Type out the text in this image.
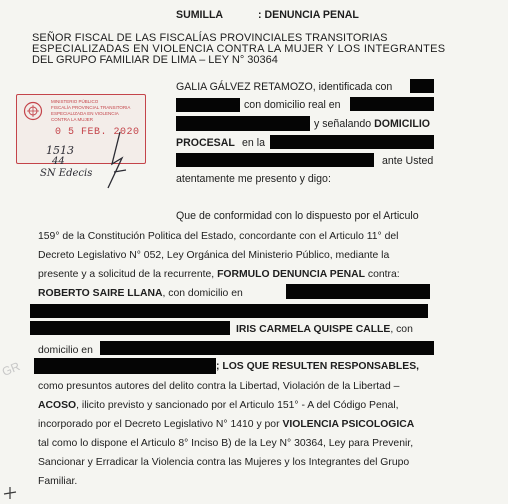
SUMILLA	: DENUNCIA PENAL
SEÑOR FISCAL DE LAS FISCALÍAS PROVINCIALES TRANSITORIAS
ESPECIALIZADAS EN VIOLENCIA CONTRA LA MUJER Y LOS INTEGRANTES
DEL GRUPO FAMILIAR DE LIMA – LEY N° 30364
MINISTERIO PÚBLICO
FISCALÍA PROVINCIAL TRANSITORIA
ESPECIALIZADA EN VIOLENCIA
CONTRA LA MUJER
0 5 FEB. 2020
1513
44
SN Edecis
GR
GALIA GÁLVEZ RETAMOZO, identificada con
con domicilio real en
y señalando DOMICILIO
PROCESAL en la
ante Usted
atentamente me presento y digo:
Que de conformidad con lo dispuesto por el Articulo
159° de la Constitución Politica del Estado, concordante con el Articulo 11° del
Decreto Legislativo N° 052, Ley Orgánica del Ministerio Público, mediante la
presente y a solicitud de la recurrente, FORMULO DENUNCIA PENAL contra:
ROBERTO SAIRE LLANA, con domicilio en
IRIS CARMELA QUISPE CALLE, con
domicilio en
; LOS QUE RESULTEN RESPONSABLES,
como presuntos autores del delito contra la Libertad, Violación de la Libertad –
ACOSO, ilicito previsto y sancionado por el Articulo 151° - A del Código Penal,
incorporado por el Decreto Legislativo N° 1410 y por VIOLENCIA PSICOLOGICA
tal como lo dispone el Articulo 8° Inciso B) de la Ley N° 30364, Ley para Prevenir,
Sancionar y Erradicar la Violencia contra las Mujeres y los Integrantes del Grupo
Familiar.
